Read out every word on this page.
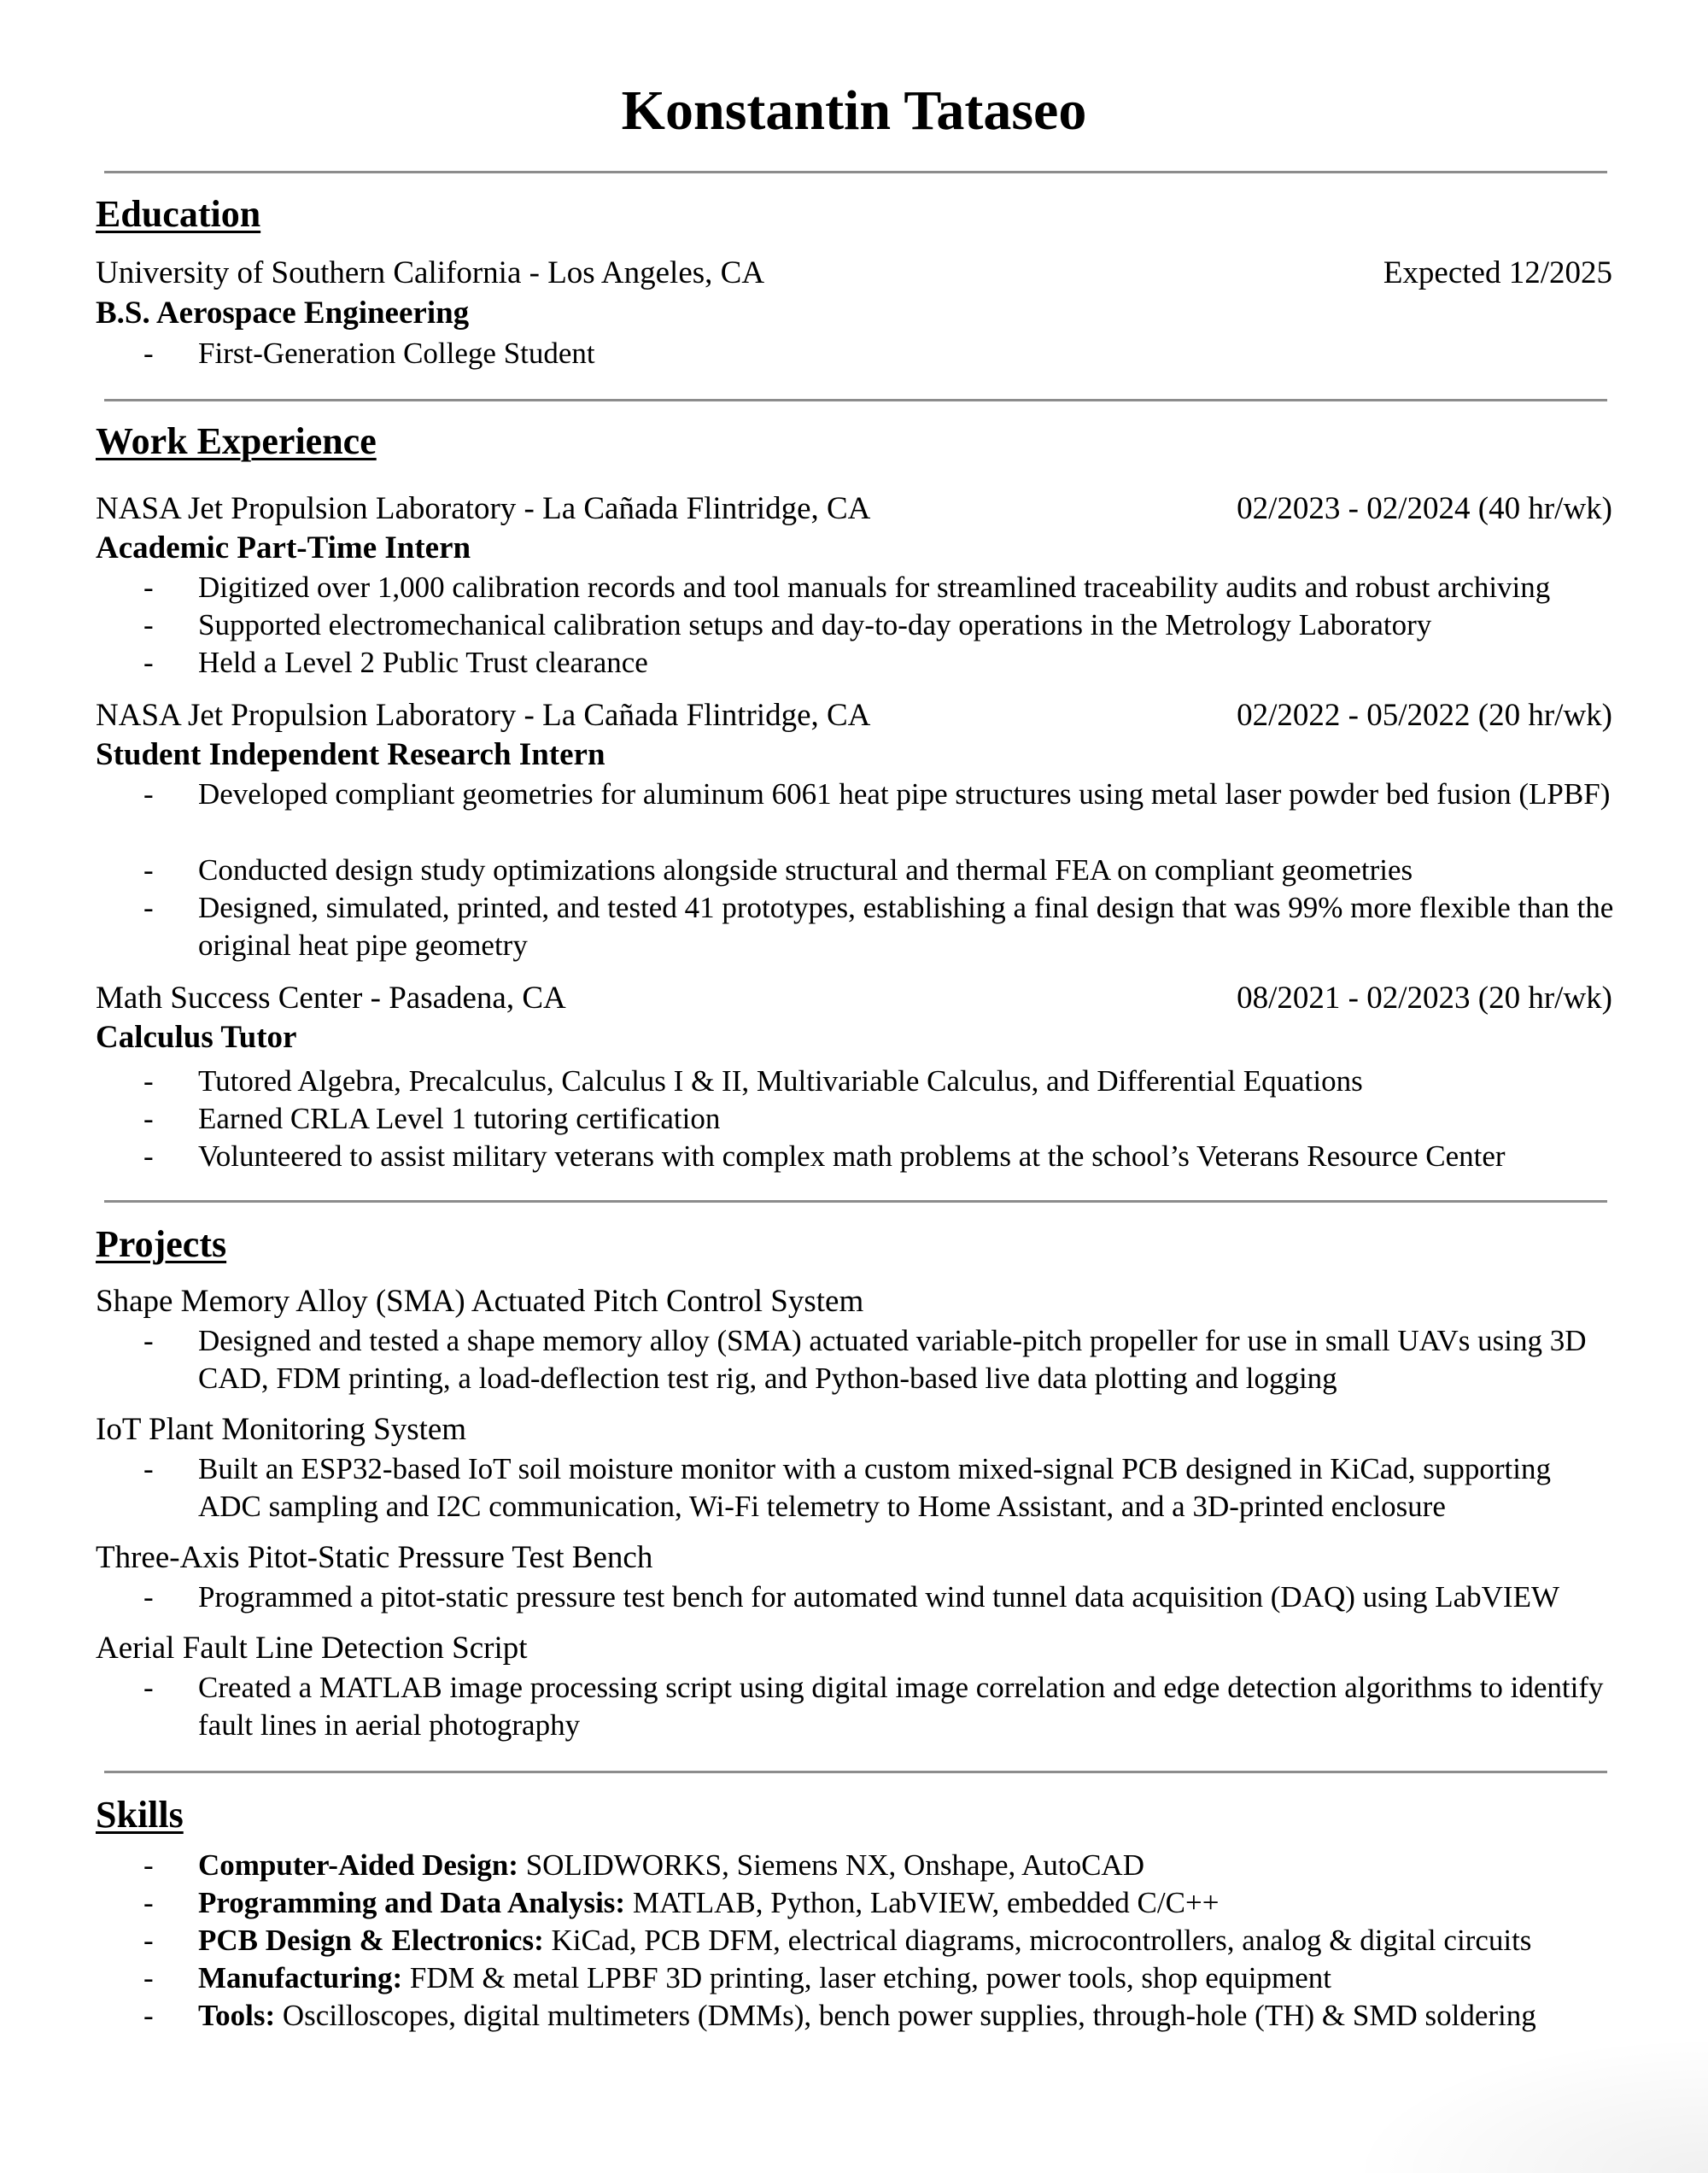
Konstantin Tataseo
Education
University of Southern California - Los Angeles, CA	Expected 12/2025
B.S. Aerospace Engineering
- First-Generation College Student
Work Experience
NASA Jet Propulsion Laboratory - La Cañada Flintridge, CA	02/2023 - 02/2024 (40 hr/wk)
Academic Part-Time Intern
- Digitized over 1,000 calibration records and tool manuals for streamlined traceability audits and robust archiving
- Supported electromechanical calibration setups and day-to-day operations in the Metrology Laboratory
- Held a Level 2 Public Trust clearance
NASA Jet Propulsion Laboratory - La Cañada Flintridge, CA	02/2022 - 05/2022 (20 hr/wk)
Student Independent Research Intern
- Developed compliant geometries for aluminum 6061 heat pipe structures using metal laser powder bed fusion (LPBF)
- Conducted design study optimizations alongside structural and thermal FEA on compliant geometries
- Designed, simulated, printed, and tested 41 prototypes, establishing a final design that was 99% more flexible than the original heat pipe geometry
Math Success Center - Pasadena, CA	08/2021 - 02/2023 (20 hr/wk)
Calculus Tutor
- Tutored Algebra, Precalculus, Calculus I & II, Multivariable Calculus, and Differential Equations
- Earned CRLA Level 1 tutoring certification
- Volunteered to assist military veterans with complex math problems at the school’s Veterans Resource Center
Projects
Shape Memory Alloy (SMA) Actuated Pitch Control System
- Designed and tested a shape memory alloy (SMA) actuated variable-pitch propeller for use in small UAVs using 3D CAD, FDM printing, a load-deflection test rig, and Python-based live data plotting and logging
IoT Plant Monitoring System
- Built an ESP32-based IoT soil moisture monitor with a custom mixed-signal PCB designed in KiCad, supporting ADC sampling and I2C communication, Wi-Fi telemetry to Home Assistant, and a 3D-printed enclosure
Three-Axis Pitot-Static Pressure Test Bench
- Programmed a pitot-static pressure test bench for automated wind tunnel data acquisition (DAQ) using LabVIEW
Aerial Fault Line Detection Script
- Created a MATLAB image processing script using digital image correlation and edge detection algorithms to identify fault lines in aerial photography
Skills
- Computer-Aided Design: SOLIDWORKS, Siemens NX, Onshape, AutoCAD
- Programming and Data Analysis: MATLAB, Python, LabVIEW, embedded C/C++
- PCB Design & Electronics: KiCad, PCB DFM, electrical diagrams, microcontrollers, analog & digital circuits
- Manufacturing: FDM & metal LPBF 3D printing, laser etching, power tools, shop equipment
- Tools: Oscilloscopes, digital multimeters (DMMs), bench power supplies, through-hole (TH) & SMD soldering
